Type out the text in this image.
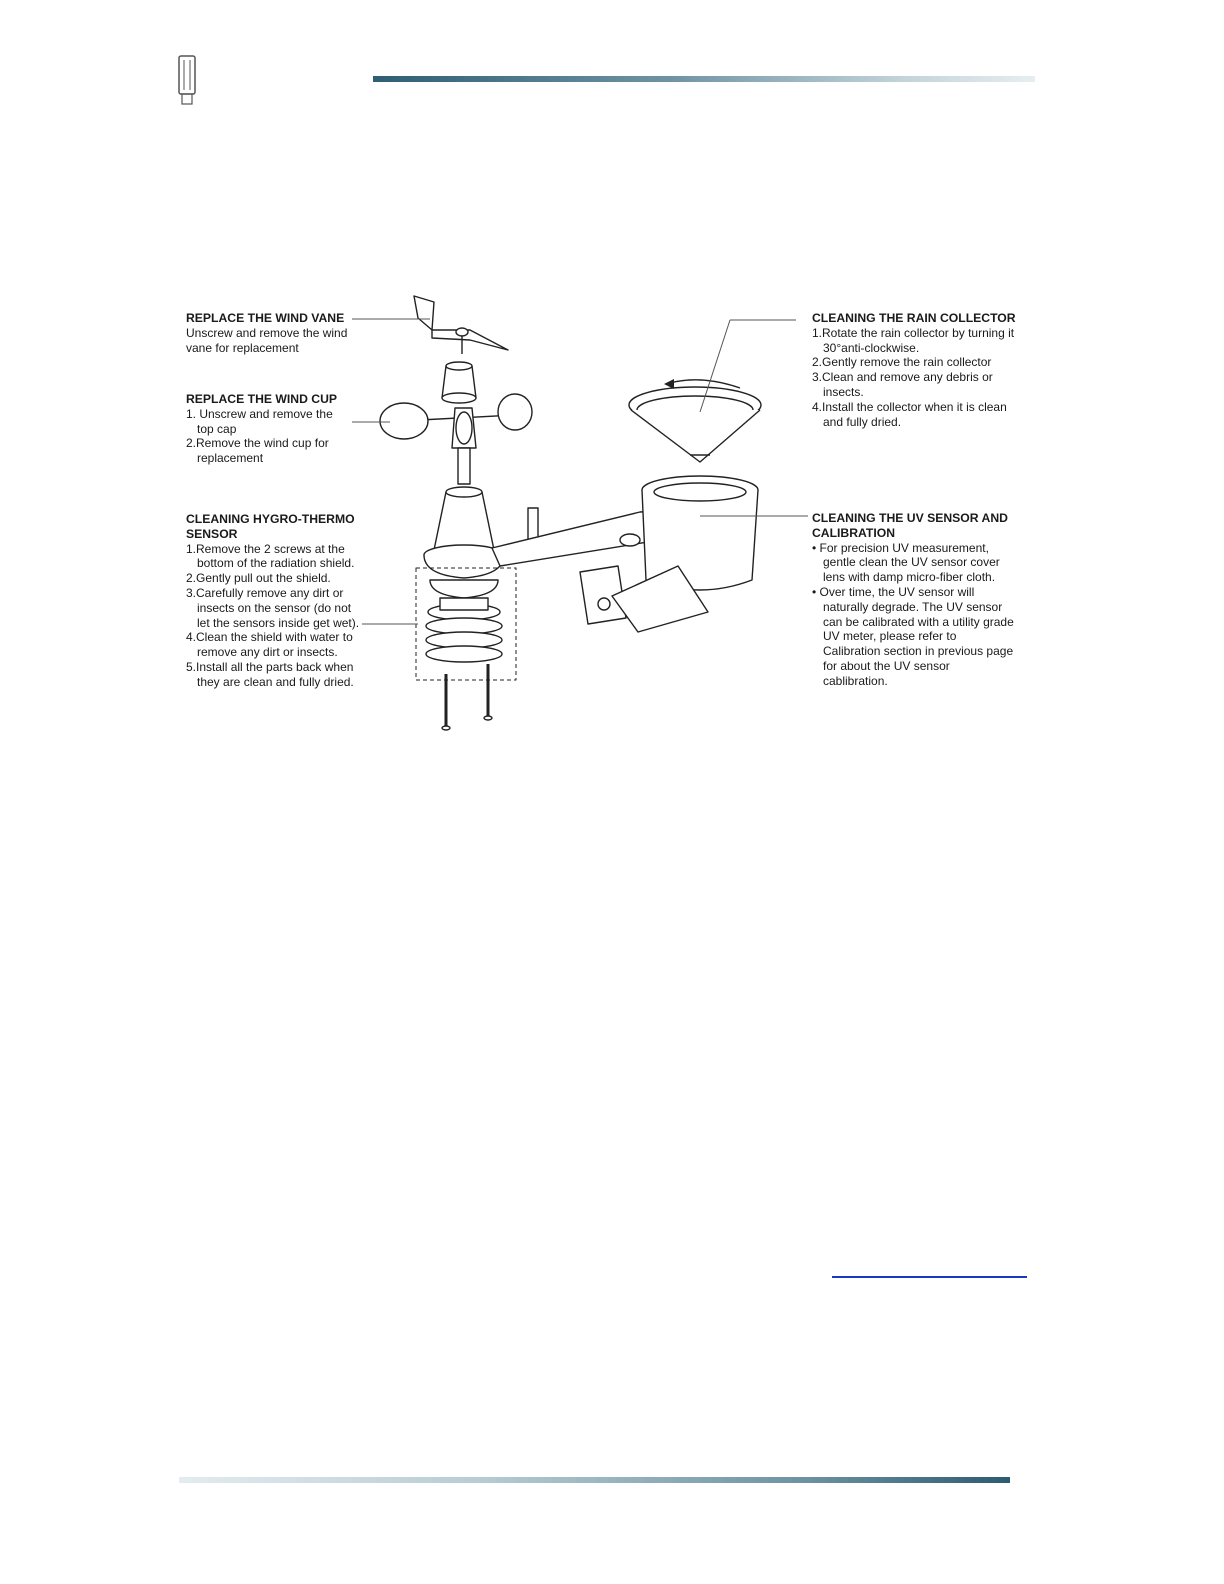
REPLACE THE WIND VANE

Unscrew and remove the wind

vane for replacement

REPLACE THE WIND CUP
1. Unscrew and remove the top cap
2.Remove the wind cup for replacement
CLEANING HYGRO-THERMO SENSOR
1.Remove the 2 screws at the bottom of the radiation shield.
2.Gently pull out the shield.
3.Carefully remove any dirt or insects on the sensor (do not let the sensors inside get wet).
4.Clean the shield with water to remove any dirt or insects.
5.Install all the parts back when they are clean and fully dried.
CLEANING THE RAIN COLLECTOR
1.Rotate the rain collector by turning it 30°anti-clockwise.
2.Gently remove the rain collector
3.Clean and remove any debris or insects.
4.Install the collector when it is clean and fully dried.
CLEANING THE UV SENSOR AND CALIBRATION
• For precision UV measurement, gentle clean the UV sensor cover lens with damp micro-fiber cloth.
• Over time, the UV sensor will naturally degrade. The UV sensor can be calibrated with a utility grade UV meter, please refer to Calibration section in previous page for about the UV sensor cablibration.
